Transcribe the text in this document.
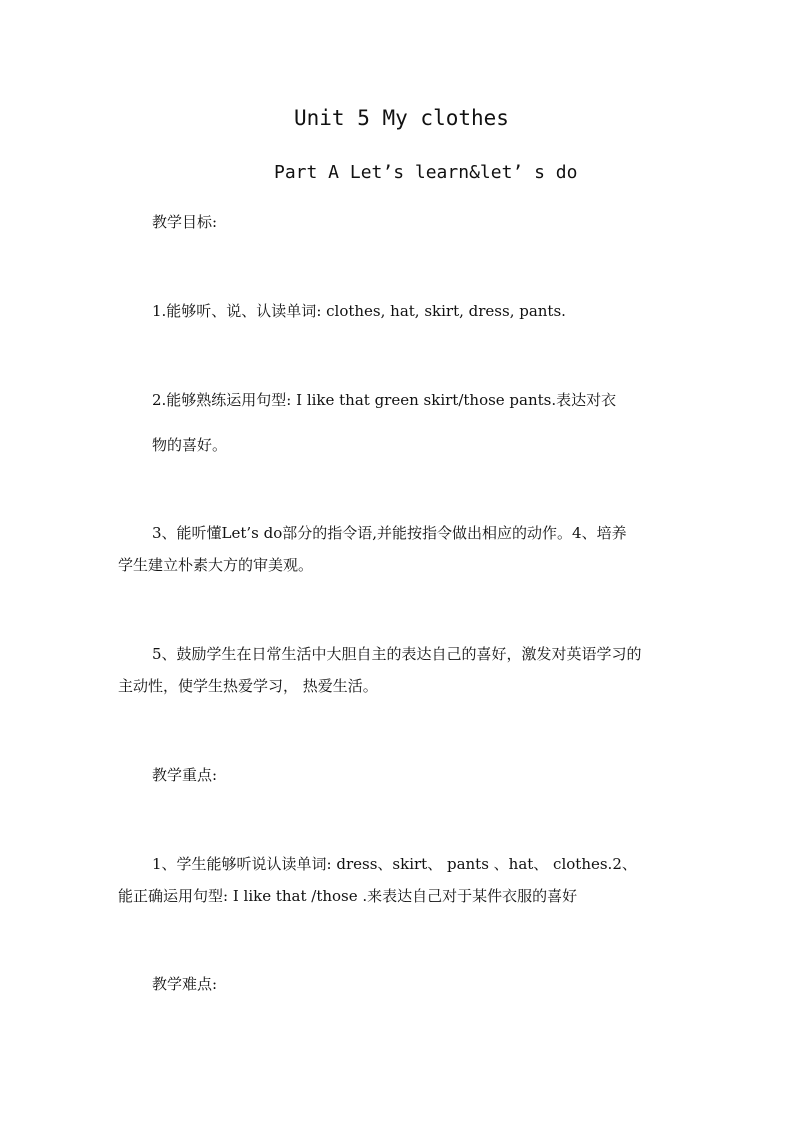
Unit 5 My clothes
Part A Let’s learn&let’ s do
教学目标:
1.能够听、说、认读单词: clothes, hat, skirt, dress, pants.
2.能够熟练运用句型: I like that green skirt/those pants.表达对衣
物的喜好。
3、能听懂Let’s do部分的指令语,并能按指令做出相应的动作。4、培养
学生建立朴素大方的审美观。
5、鼓励学生在日常生活中大胆自主的表达自己的喜好，激发对英语学习的
主动性，使学生热爱学习， 热爱生活。
教学重点:
1、学生能够听说认读单词: dress、skirt、 pants 、hat、 clothes.2、
能正确运用句型: I like that /those .来表达自己对于某件衣服的喜好
教学难点:
